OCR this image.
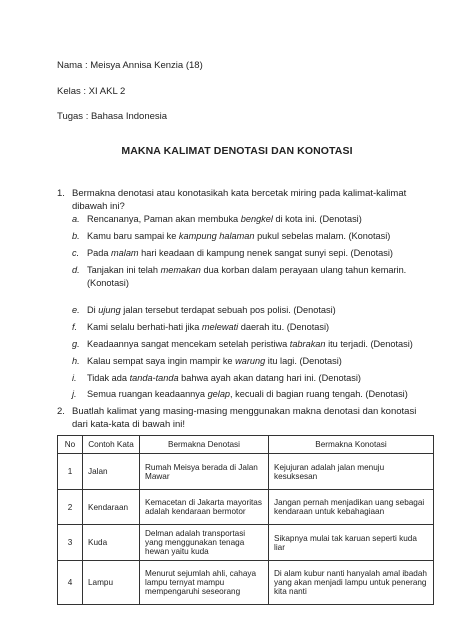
Nama : Meisya Annisa Kenzia (18)
Kelas : XI AKL 2
Tugas : Bahasa Indonesia
MAKNA KALIMAT DENOTASI DAN KONOTASI
1. Bermakna denotasi atau konotasikah kata bercetak miring pada kalimat-kalimat dibawah ini?
a. Rencananya, Paman akan membuka bengkel di kota ini. (Denotasi)
b. Kamu baru sampai ke kampung halaman pukul sebelas malam. (Konotasi)
c. Pada malam hari keadaan di kampung nenek sangat sunyi sepi. (Denotasi)
d. Tanjakan ini telah memakan dua korban dalam perayaan ulang tahun kemarin. (Konotasi)
e. Di ujung jalan tersebut terdapat sebuah pos polisi. (Denotasi)
f. Kami selalu berhati-hati jika melewati daerah itu. (Denotasi)
g. Keadaannya sangat mencekam setelah peristiwa tabrakan itu terjadi. (Denotasi)
h. Kalau sempat saya ingin mampir ke warung itu lagi. (Denotasi)
i. Tidak ada tanda-tanda bahwa ayah akan datang hari ini. (Denotasi)
j. Semua ruangan keadaannya gelap, kecuali di bagian ruang tengah. (Denotasi)
2. Buatlah kalimat yang masing-masing menggunakan makna denotasi dan konotasi dari kata-kata di bawah ini!
No	Contoh Kata	Bermakna Denotasi	Bermakna Konotasi
1	Jalan	Rumah Meisya berada di Jalan Mawar	Kejujuran adalah jalan menuju kesuksesan
2	Kendaraan	Kemacetan di Jakarta mayoritas adalah kendaraan bermotor	Jangan pernah menjadikan uang sebagai kendaraan untuk kebahagiaan
3	Kuda	Delman adalah transportasi yang menggunakan tenaga hewan yaitu kuda	Sikapnya mulai tak karuan seperti kuda liar
4	Lampu	Menurut sejumlah ahli, cahaya lampu ternyat mampu mempengaruhi seseorang	Di alam kubur nanti hanyalah amal ibadah yang akan menjadi lampu untuk penerang kita nanti
